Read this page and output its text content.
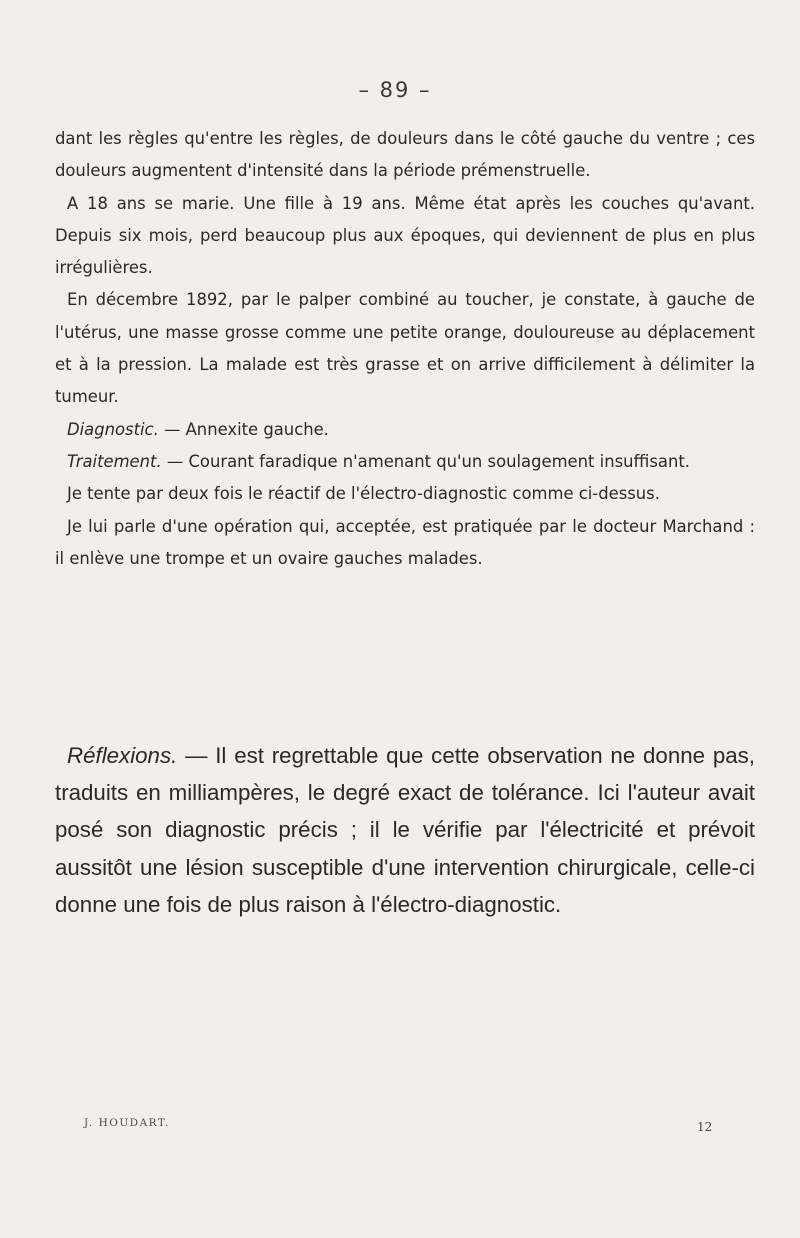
– 89 –

dant les règles qu'entre les règles, de douleurs dans le côté gauche du ventre ; ces douleurs augmentent d'intensité dans la période prémenstruelle.

A 18 ans se marie. Une fille à 19 ans. Même état après les couches qu'avant. Depuis six mois, perd beaucoup plus aux époques, qui deviennent de plus en plus irrégulières.

En décembre 1892, par le palper combiné au toucher, je constate, à gauche de l'utérus, une masse grosse comme une petite orange, douloureuse au déplacement et à la pression. La malade est très grasse et on arrive difficilement à délimiter la tumeur.

Diagnostic. — Annexite gauche.

Traitement. — Courant faradique n'amenant qu'un soulagement insuffisant.

Je tente par deux fois le réactif de l'électro-diagnostic comme ci-dessus.

Je lui parle d'une opération qui, acceptée, est pratiquée par le docteur Marchand : il enlève une trompe et un ovaire gauches malades.

Réflexions. — Il est regrettable que cette observation ne donne pas, traduits en milliampères, le degré exact de tolérance. Ici l'auteur avait posé son diagnostic précis ; il le vérifie par l'électricité et prévoit aussitôt une lésion susceptible d'une intervention chirurgicale, celle-ci donne une fois de plus raison à l'électro-diagnostic.

J. HOUDART.	12
